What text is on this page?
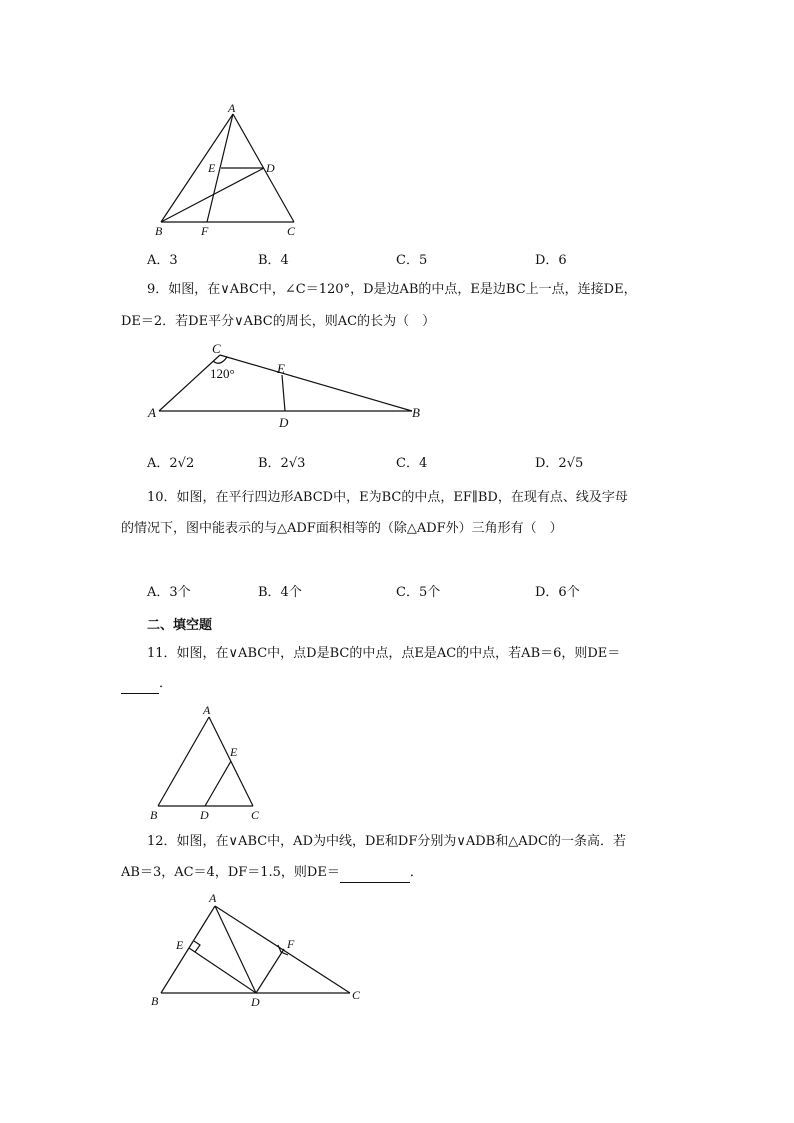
A
E	D
B	F	C
A．3	B．4	C．5	D．6
9．如图，在∨ABC中，∠C＝120°，D是边AB的中点，E是边BC上一点，连接DE，
DE＝2．若DE平分∨ABC的周长，则AC的长为（　）
C
120°	E
A
D
B
A．2√2	B．2√3	C．4	D．2√5
10．如图，在平行四边形ABCD中，E为BC的中点，EF∥BD，在现有点、线及字母
的情况下，图中能表示的与△ADF面积相等的（除△ADF外）三角形有（　）
A．3个	B．4个	C．5个	D．6个
二、填空题
11．如图，在∨ABC中，点D是BC的中点，点E是AC的中点，若AB＝6，则DE＝
．
A
E
B	D	C
12．如图，在∨ABC中，AD为中线，DE和DF分别为∨ADB和△ADC的一条高．若
AB＝3，AC＝4，DF＝1.5，则DE＝	．
A
E	F
B	D	C
